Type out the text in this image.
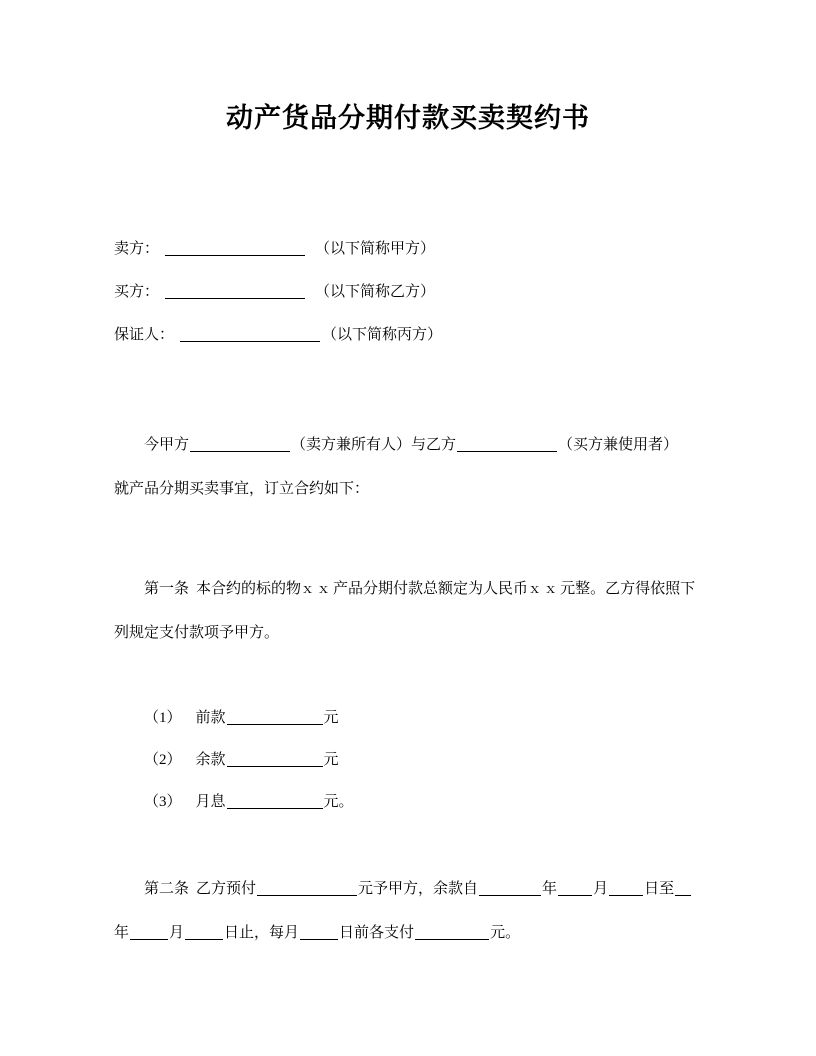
动产货品分期付款买卖契约书
卖方：	（以下简称甲方）
买方：	（以下简称乙方）
保证人：	（以下简称丙方）
今甲方	（卖方兼所有人）与乙方	（买方兼使用者）
就产品分期买卖事宜，订立合约如下：
第一条 本合约的标的物ｘｘ产品分期付款总额定为人民币ｘｘ元整。乙方得依照下列规定支付款项予甲方。
（1） 前款	元
（2） 余款	元
（3） 月息	元。
第二条 乙方预付	元予甲方，余款自	年 月 日至
年	月	日止，每月	日前各支付	元。
